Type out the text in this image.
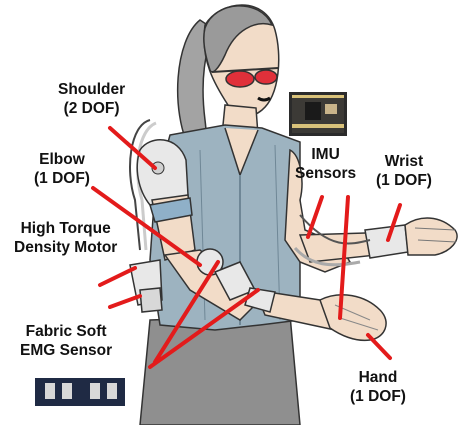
Shoulder
(2 DOF)
Elbow
(1 DOF)
High Torque
Density Motor
Fabric Soft
EMG Sensor
IMU
Sensors
Wrist
(1 DOF)
Hand
(1 DOF)
